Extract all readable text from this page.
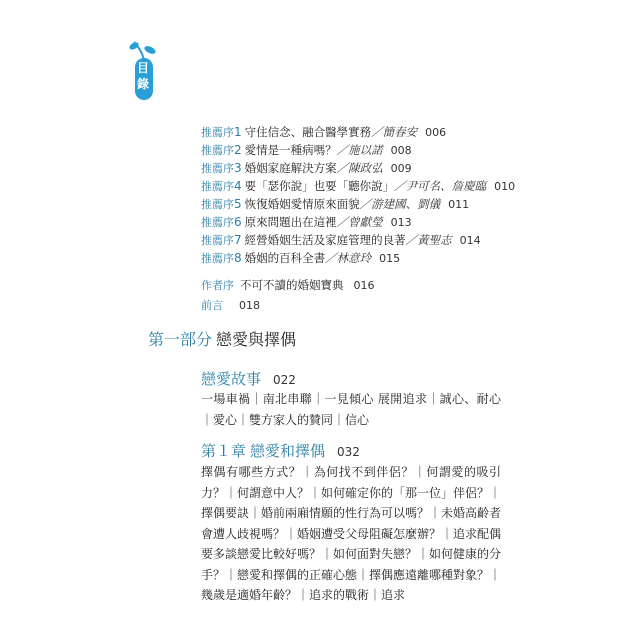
目錄
推薦序1 守住信念、融合醫學實務／簡春安 006
推薦序2 愛情是一種病嗎？／施以諾 008
推薦序3 婚姻家庭解決方案／陳政弘 009
推薦序4 要「瑟你說」也要「聽你說」／尹可名、詹慶臨 010
推薦序5 恢復婚姻愛情原來面貌／游建國、劉儀 011
推薦序6 原來問題出在這裡／曾獻瑩 013
推薦序7 經營婚姻生活及家庭管理的良著／黃聖志 014
推薦序8 婚姻的百科全書／林意玲 015
作者序 不可不讀的婚姻寶典 016
前言 018
第一部分 戀愛與擇偶
戀愛故事 022
一場車禍｜南北串聯｜一見傾心 展開追求｜誠心、耐心｜愛心｜雙方家人的贊同｜信心
第１章 戀愛和擇偶 032
擇偶有哪些方式？｜為何找不到伴侶？｜何謂愛的吸引力？｜何謂意中人？｜如何確定你的「那一位」伴侶？｜擇偶要訣｜婚前兩廂情願的性行為可以嗎？｜未婚高齡者會遭人歧視嗎？｜婚姻遭受父母阻礙怎麼辦？｜追求配偶要多談戀愛比較好嗎？｜如何面對失戀？｜如何健康的分手？｜戀愛和擇偶的正確心態｜擇偶應遠離哪種對象？｜幾歲是適婚年齡？｜追求的戰術｜追求
